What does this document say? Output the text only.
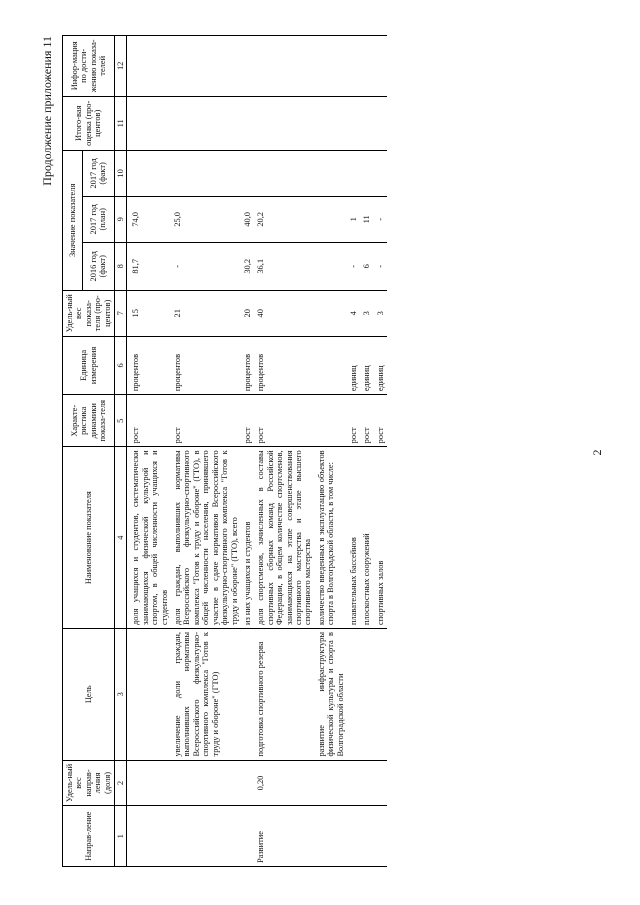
Продолжение приложения 11
Направ-ление	Удель-ный вес направ-ления (доля)	Цель	Наименование показателя	Характе-ристика динамики показа-теля	Единица измерения	Удель-ный вес показа-теля (про-центов)	Значение показателя			Итого-вая оценка (про-центов)	Инфор-мация по дости-жению показа-телей
							2016 год (факт)	2017 год (план)	2017 год (факт)		
1	2	3	4	5	6	7	8	9	10	11	12
			доля учащихся и студентов, систематически занимающихся физической культурой и спортом, в общей численности учащихся и студентов	рост	процентов	15	81,7	74,0			
		увеличение доли граждан, выполнивших нормативы Всероссийского физкультурно-спортивного комплекса "Готов к труду и обороне" (ГТО)	доля граждан, выполнивших нормативы Всероссийского физкультурно-спортивного комплекса "Готов к труду и обороне" (ГТО), в общей численности населения, принявшего участие в сдаче нормативов Всероссийского физкультурно-спортивного комплекса "Готов к труду и обороне" (ГТО), всего	рост	процентов	21	-	25,0			
			из них учащихся и студентов	рост	процентов	20	30,2	40,0			
Развитие	0,20	подготовка спортивного резерва	доля спортсменов, зачисленных в составы спортивных сборных команд Российской Федерации, в общем количестве спортсменов, занимающихся на этапе совершенствования спортивного мастерства и этапе высшего спортивного мастерства	рост	процентов	40	36,1	20,2			
		развитие инфраструктуры физической культуры и спорта в Волгоградской области	количество введенных в эксплуатацию объектов спорта в Волгоградской области, в том числе:								
			плавательных бассейнов	рост	единиц	4	-	1			
			плоскостных сооружений	рост	единиц	3	6	11			
			спортивных залов	рост	единиц	3	-	-			
2
